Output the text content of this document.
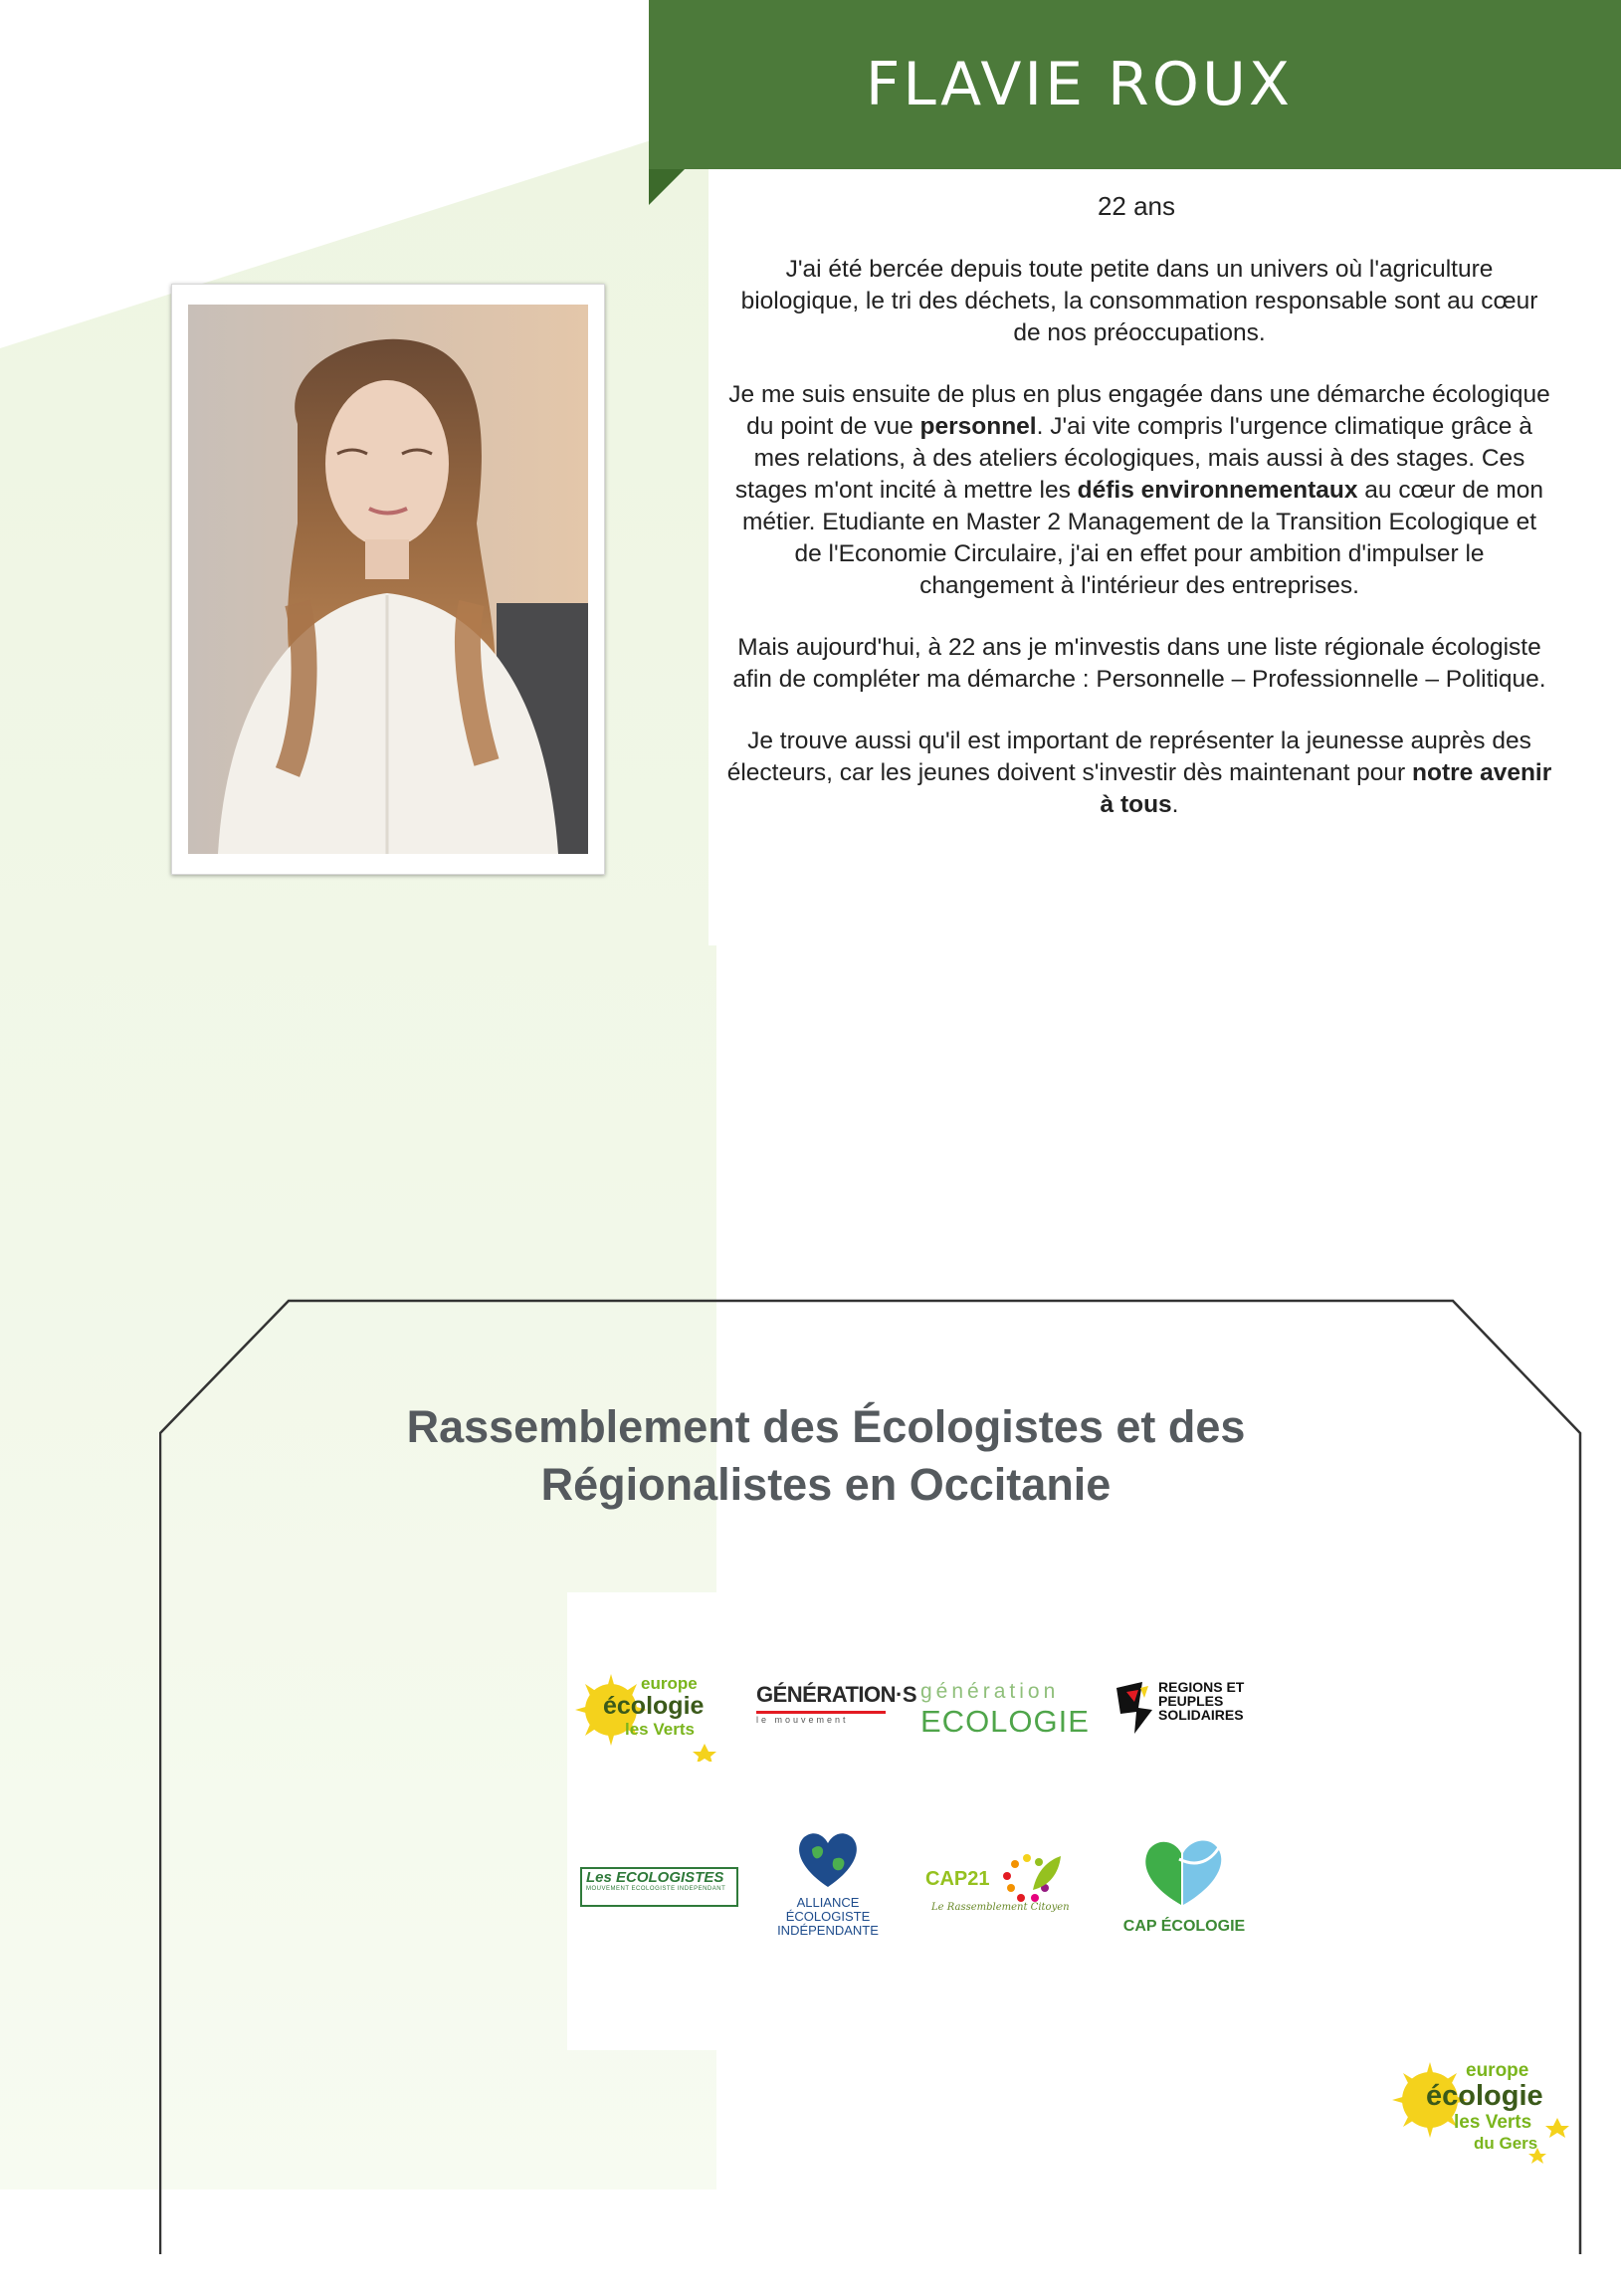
FLAVIE ROUX
22 ans

J'ai été bercée depuis toute petite dans un univers où l'agriculture biologique, le tri des déchets, la consommation responsable sont au cœur de nos préoccupations.

Je me suis ensuite de plus en plus engagée dans une démarche écologique du point de vue personnel. J'ai vite compris l'urgence climatique grâce à mes relations, à des ateliers écologiques, mais aussi à des stages. Ces stages m'ont incité à mettre les défis environnementaux au cœur de mon métier. Etudiante en Master 2 Management de la Transition Ecologique et de l'Economie Circulaire, j'ai en effet pour ambition d'impulser le changement à l'intérieur des entreprises.

Mais aujourd'hui, à 22 ans je m'investis dans une liste régionale écologiste afin de compléter ma démarche : Personnelle – Professionnelle – Politique.

Je trouve aussi qu'il est important de représenter la jeunesse auprès des électeurs, car les jeunes doivent s'investir dès maintenant pour notre avenir à tous.

Rassemblement des Écologistes et des
Régionalistes en Occitanie
europe
écologie
les Verts
GÉNÉRATION·S
le mouvement
génération
ECOLOGIE
REGIONS ET
PEUPLES
SOLIDAIRES
Les ECOLOGISTES
MOUVEMENT ECOLOGISTE INDEPENDANT
ALLIANCE
ÉCOLOGISTE
INDÉPENDANTE
CAP21
Le Rassemblement Citoyen
CAP ÉCOLOGIE
europe
écologie
les Verts
du Gers
